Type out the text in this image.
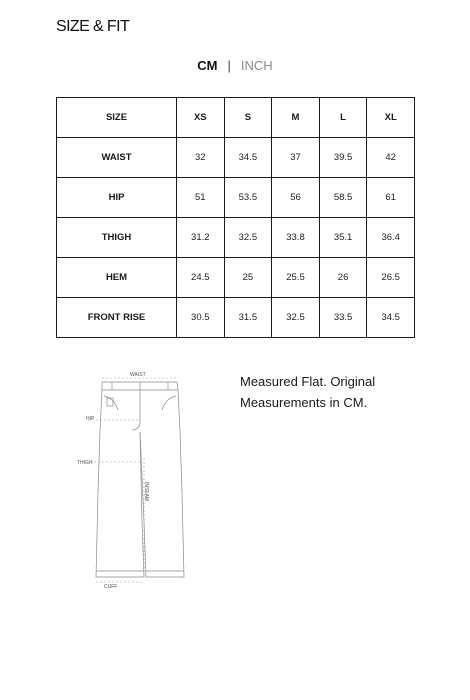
SIZE & FIT
CM | INCH
SIZE	XS	S	M	L	XL
WAIST	32	34.5	37	39.5	42
HIP	51	53.5	56	58.5	61
THIGH	31.2	32.5	33.8	35.1	36.4
HEM	24.5	25	25.5	26	26.5
FRONT RISE	30.5	31.5	32.5	33.5	34.5
WAIST
HIP
THIGH
INSEAM
CUFF
Measured Flat. Original Measurements in CM.
